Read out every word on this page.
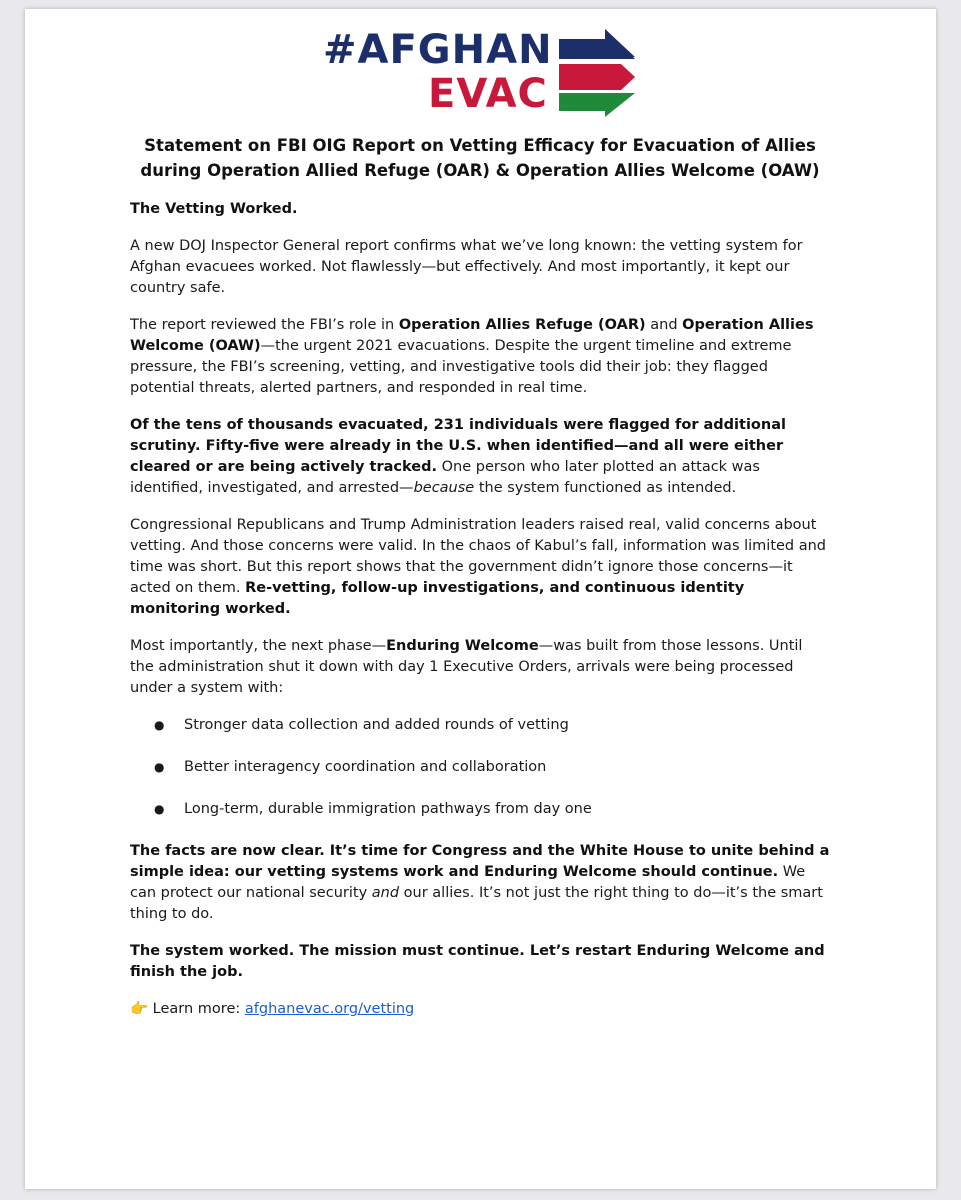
#AFGHAN
EVAC
Statement on FBI OIG Report on Vetting Efficacy for Evacuation of Allies
during Operation Allied Refuge (OAR) & Operation Allies Welcome (OAW)

The Vetting Worked.

A new DOJ Inspector General report confirms what we’ve long known: the vetting system for Afghan evacuees worked. Not flawlessly—but effectively. And most importantly, it kept our country safe.

The report reviewed the FBI’s role in Operation Allies Refuge (OAR) and Operation Allies Welcome (OAW)—the urgent 2021 evacuations. Despite the urgent timeline and extreme pressure, the FBI’s screening, vetting, and investigative tools did their job: they flagged potential threats, alerted partners, and responded in real time.

Of the tens of thousands evacuated, 231 individuals were flagged for additional scrutiny. Fifty-five were already in the U.S. when identified—and all were either cleared or are being actively tracked. One person who later plotted an attack was identified, investigated, and arrested—because the system functioned as intended.

Congressional Republicans and Trump Administration leaders raised real, valid concerns about vetting. And those concerns were valid. In the chaos of Kabul’s fall, information was limited and time was short. But this report shows that the government didn’t ignore those concerns—it acted on them. Re-vetting, follow-up investigations, and continuous identity monitoring worked.

Most importantly, the next phase—Enduring Welcome—was built from those lessons. Until the administration shut it down with day 1 Executive Orders, arrivals were being processed under a system with:

● Stronger data collection and added rounds of vetting
● Better interagency coordination and collaboration
● Long-term, durable immigration pathways from day one

The facts are now clear. It’s time for Congress and the White House to unite behind a simple idea: our vetting systems work and Enduring Welcome should continue. We can protect our national security and our allies. It’s not just the right thing to do—it’s the smart thing to do.

The system worked. The mission must continue. Let’s restart Enduring Welcome and finish the job.

👉 Learn more: afghanevac.org/vetting
